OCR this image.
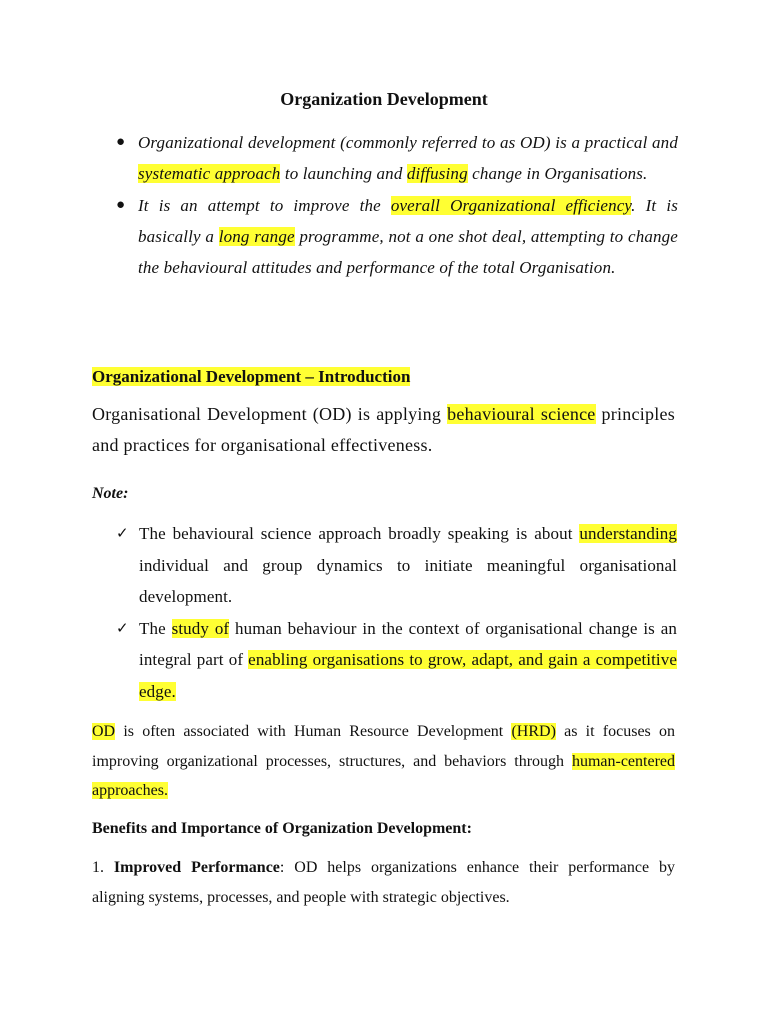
Organization Development
● Organizational development (commonly referred to as OD) is a practical and systematic approach to launching and diffusing change in Organisations.
● It is an attempt to improve the overall Organizational efficiency. It is basically a long range programme, not a one shot deal, attempting to change the behavioural attitudes and performance of the total Organisation.
Organizational Development – Introduction
Organisational Development (OD) is applying behavioural science principles and practices for organisational effectiveness.
Note:
✓ The behavioural science approach broadly speaking is about understanding individual and group dynamics to initiate meaningful organisational development.
✓ The study of human behaviour in the context of organisational change is an integral part of enabling organisations to grow, adapt, and gain a competitive edge.
OD is often associated with Human Resource Development (HRD) as it focuses on improving organizational processes, structures, and behaviors through human-centered approaches.
Benefits and Importance of Organization Development:
1. Improved Performance: OD helps organizations enhance their performance by aligning systems, processes, and people with strategic objectives.
